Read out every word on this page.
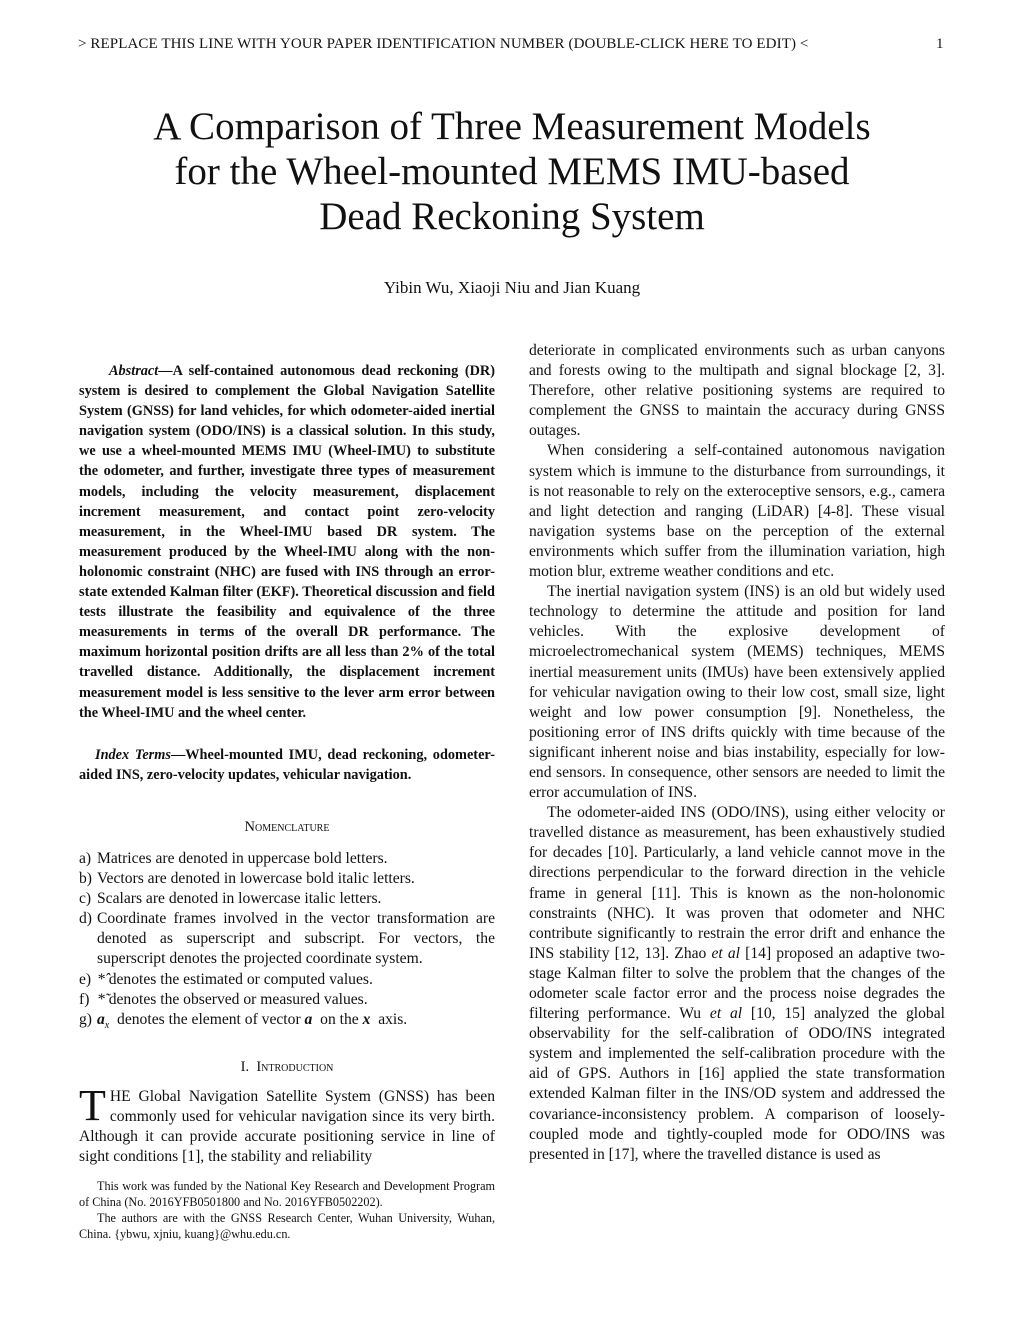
> REPLACE THIS LINE WITH YOUR PAPER IDENTIFICATION NUMBER (DOUBLE-CLICK HERE TO EDIT) <	1
A Comparison of Three Measurement Models
for the Wheel-mounted MEMS IMU-based
Dead Reckoning System
Yibin Wu, Xiaoji Niu and Jian Kuang

Abstract—A self-contained autonomous dead reckoning (DR) system is desired to complement the Global Navigation Satellite System (GNSS) for land vehicles, for which odometer-aided inertial navigation system (ODO/INS) is a classical solution. In this study, we use a wheel-mounted MEMS IMU (Wheel-IMU) to substitute the odometer, and further, investigate three types of measurement models, including the velocity measurement, displacement increment measurement, and contact point zero-velocity measurement, in the Wheel-IMU based DR system. The measurement produced by the Wheel-IMU along with the non-holonomic constraint (NHC) are fused with INS through an error-state extended Kalman filter (EKF). Theoretical discussion and field tests illustrate the feasibility and equivalence of the three measurements in terms of the overall DR performance. The maximum horizontal position drifts are all less than 2% of the total travelled distance. Additionally, the displacement increment measurement model is less sensitive to the lever arm error between the Wheel-IMU and the wheel center.

Index Terms—Wheel-mounted IMU, dead reckoning, odometer-aided INS, zero-velocity updates, vehicular navigation.

Nomenclature

a) Matrices are denoted in uppercase bold letters.
b) Vectors are denoted in lowercase bold italic letters.
c) Scalars are denoted in lowercase italic letters.
d) Coordinate frames involved in the vector transformation are denoted as superscript and subscript. For vectors, the superscript denotes the projected coordinate system.
e) *̂ denotes the estimated or computed values.
f) *̃ denotes the observed or measured values.
g) $a_x$ denotes the element of vector a on the x axis.

I. Introduction

THE Global Navigation Satellite System (GNSS) has been commonly used for vehicular navigation since its very birth. Although it can provide accurate positioning service in line of sight conditions [1], the stability and reliability

This work was funded by the National Key Research and Development Program of China (No. 2016YFB0501800 and No. 2016YFB0502202).

The authors are with the GNSS Research Center, Wuhan University, Wuhan, China. {ybwu, xjniu, kuang}@whu.edu.cn.

deteriorate in complicated environments such as urban canyons and forests owing to the multipath and signal blockage [2, 3]. Therefore, other relative positioning systems are required to complement the GNSS to maintain the accuracy during GNSS outages.

When considering a self-contained autonomous navigation system which is immune to the disturbance from surroundings, it is not reasonable to rely on the exteroceptive sensors, e.g., camera and light detection and ranging (LiDAR) [4-8]. These visual navigation systems base on the perception of the external environments which suffer from the illumination variation, high motion blur, extreme weather conditions and etc.

The inertial navigation system (INS) is an old but widely used technology to determine the attitude and position for land vehicles. With the explosive development of microelectromechanical system (MEMS) techniques, MEMS inertial measurement units (IMUs) have been extensively applied for vehicular navigation owing to their low cost, small size, light weight and low power consumption [9]. Nonetheless, the positioning error of INS drifts quickly with time because of the significant inherent noise and bias instability, especially for low-end sensors. In consequence, other sensors are needed to limit the error accumulation of INS.

The odometer-aided INS (ODO/INS), using either velocity or travelled distance as measurement, has been exhaustively studied for decades [10]. Particularly, a land vehicle cannot move in the directions perpendicular to the forward direction in the vehicle frame in general [11]. This is known as the non-holonomic constraints (NHC). It was proven that odometer and NHC contribute significantly to restrain the error drift and enhance the INS stability [12, 13]. Zhao et al [14] proposed an adaptive two-stage Kalman filter to solve the problem that the changes of the odometer scale factor error and the process noise degrades the filtering performance. Wu et al [10, 15] analyzed the global observability for the self-calibration of ODO/INS integrated system and implemented the self-calibration procedure with the aid of GPS. Authors in [16] applied the state transformation extended Kalman filter in the INS/OD system and addressed the covariance-inconsistency problem. A comparison of loosely-coupled mode and tightly-coupled mode for ODO/INS was presented in [17], where the travelled distance is used as
